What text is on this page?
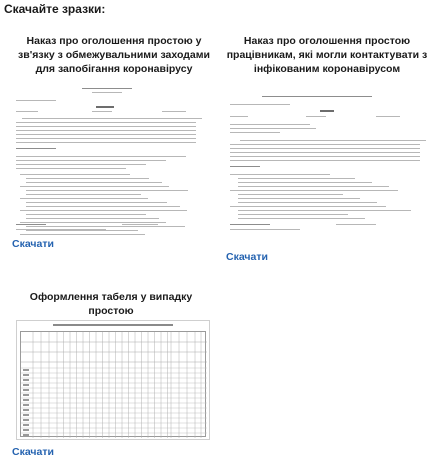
Скачайте зразки:
Наказ про оголошення простою у зв'язку з обмежувальними заходами для запобігання коронавірусу
Скачати
Наказ про оголошення простою працівникам, які могли контактувати з інфікованим коронавірусом
Скачати
Оформлення табеля у випадку простою
Скачати
